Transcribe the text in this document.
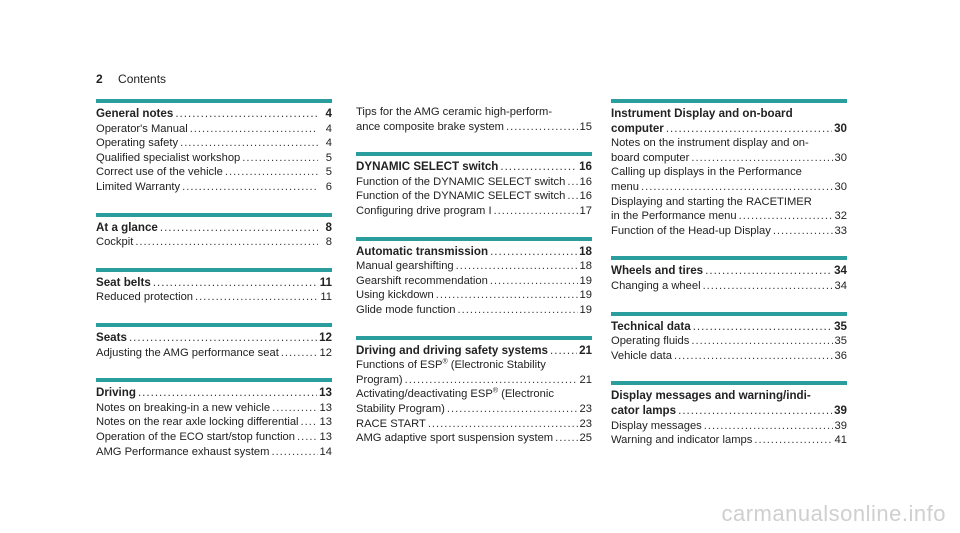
2 Contents
General notes .....	4
Operator's Manual .....	4
Operating safety .....	4
Qualified specialist workshop .....	5
Correct use of the vehicle .....	5
Limited Warranty .....	6
At a glance .....	8
Cockpit .....	8
Seat belts .....	11
Reduced protection .....	11
Seats .....	12
Adjusting the AMG performance seat .....	12
Driving .....	13
Notes on breaking-in a new vehicle .....	13
Notes on the rear axle locking differential ..... 13
Operation of the ECO start/stop function ..... 13
AMG Performance exhaust system .....	14
Tips for the AMG ceramic high-perform-
ance composite brake system .....	15
DYNAMIC SELECT switch .....	16
Function of the DYNAMIC SELECT switch ..... 16
Function of the DYNAMIC SELECT switch ..... 16
Configuring drive program I .....	17
Automatic transmission .....	18
Manual gearshifting .....	18
Gearshift recommendation .....	19
Using kickdown .....	19
Glide mode function .....	19
Driving and driving safety systems .....	21
Functions of ESP® (Electronic Stability
Program) .....	21
Activating/deactivating ESP® (Electronic
Stability Program) .....	23
RACE START .....	23
AMG adaptive sport suspension system ..... 25
Instrument Display and on-board
computer .....	30
Notes on the instrument display and on-
board computer .....	30
Calling up displays in the Performance
menu .....	30
Displaying and starting the RACETIMER
in the Performance menu .....	32
Function of the Head-up Display .....	33
Wheels and tires .....	34
Changing a wheel .....	34
Technical data .....	35
Operating fluids .....	35
Vehicle data .....	36
Display messages and warning/indi-
cator lamps .....	39
Display messages .....	39
Warning and indicator lamps .....	41
carmanualsonline.info
